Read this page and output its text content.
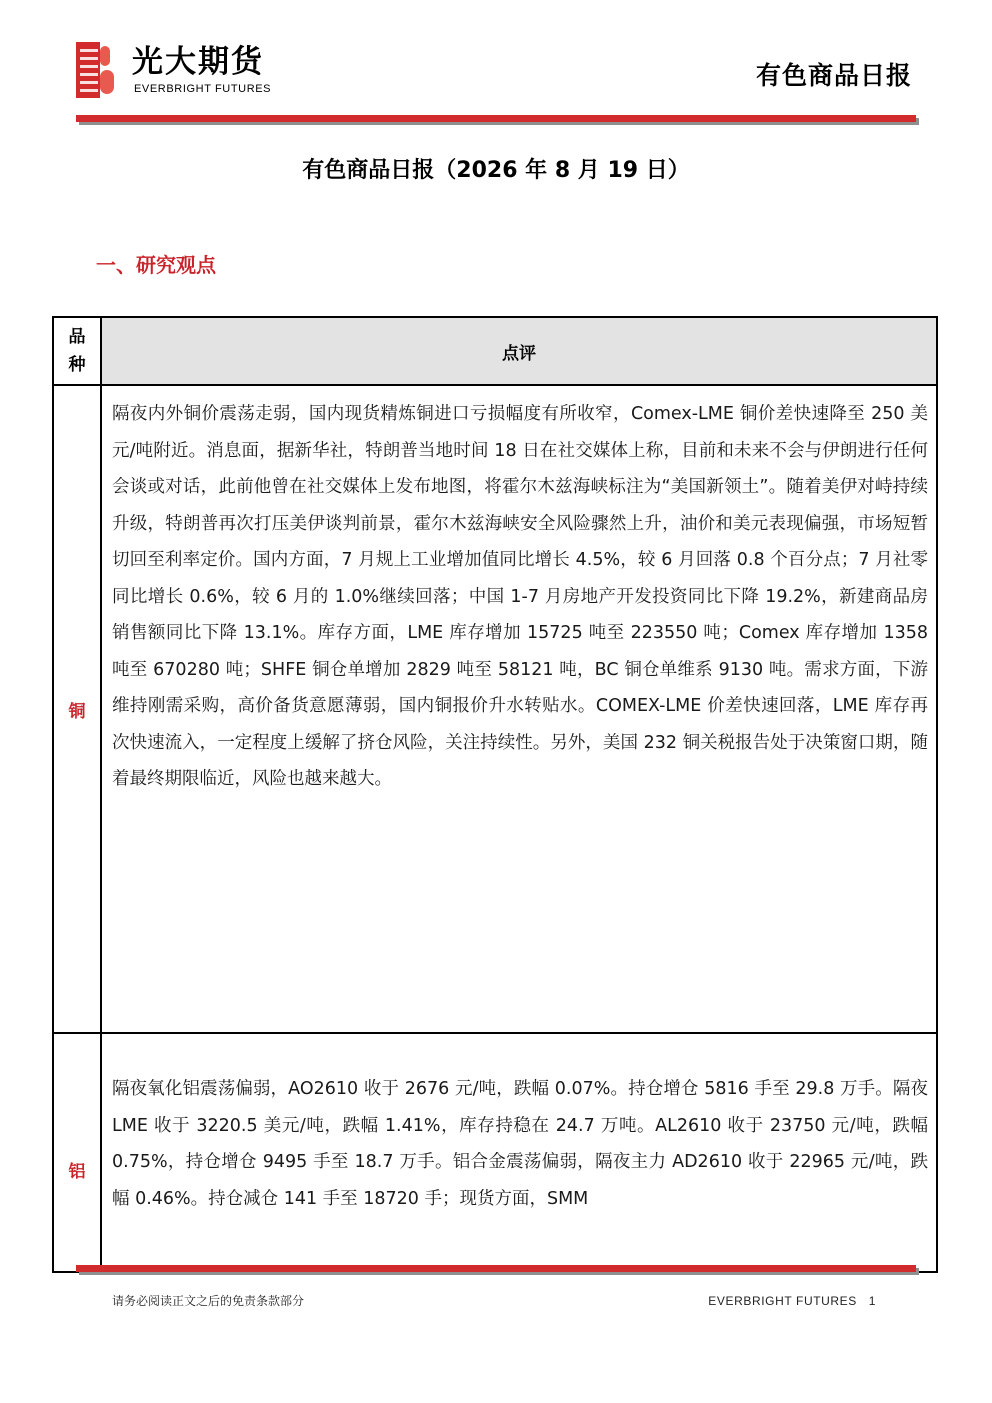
光大期货
EVERBRIGHT FUTURES	有色商品日报
有色商品日报（2026 年 8 月 19 日）
一、研究观点
点评
品种
铜

隔夜内外铜价震荡走弱，国内现货精炼铜进口亏损幅度有所收窄，Comex-LME 铜价差快速降至 250 美元/吨附近。消息面，据新华社，特朗普当地时间 18 日在社交媒体上称，目前和未来不会与伊朗进行任何会谈或对话，此前他曾在社交媒体上发布地图，将霍尔木兹海峡标注为“美国新领土”。随着美伊对峙持续升级，特朗普再次打压美伊谈判前景，霍尔木兹海峡安全风险骤然上升，油价和美元表现偏强，市场短暂切回至利率定价。国内方面，7 月规上工业增加值同比增长 4.5%，较 6 月回落 0.8 个百分点；7 月社零同比增长 0.6%，较 6 月的 1.0%继续回落；中国 1-7 月房地产开发投资同比下降 19.2%，新建商品房销售额同比下降 13.1%。库存方面，LME 库存增加 15725 吨至 223550 吨；Comex 库存增加 1358 吨至 670280 吨；SHFE 铜仓单增加 2829 吨至 58121 吨，BC 铜仓单维系 9130 吨。需求方面，下游维持刚需采购，高价备货意愿薄弱，国内铜报价升水转贴水。COMEX-LME 价差快速回落，LME 库存再次快速流入，一定程度上缓解了挤仓风险，关注持续性。另外，美国 232 铜关税报告处于决策窗口期，随着最终期限临近，风险也越来越大。

铝

隔夜氧化铝震荡偏弱，AO2610 收于 2676 元/吨，跌幅 0.07%。持仓增仓 5816 手至 29.8 万手。隔夜 LME 收于 3220.5 美元/吨，跌幅 1.41%，库存持稳在 24.7 万吨。AL2610 收于 23750 元/吨，跌幅 0.75%，持仓增仓 9495 手至 18.7 万手。铝合金震荡偏弱，隔夜主力 AD2610 收于 22965 元/吨，跌幅 0.46%。持仓减仓 141 手至 18720 手；现货方面，SMM

请务必阅读正文之后的免责条款部分	EVERBRIGHT FUTURES 1
